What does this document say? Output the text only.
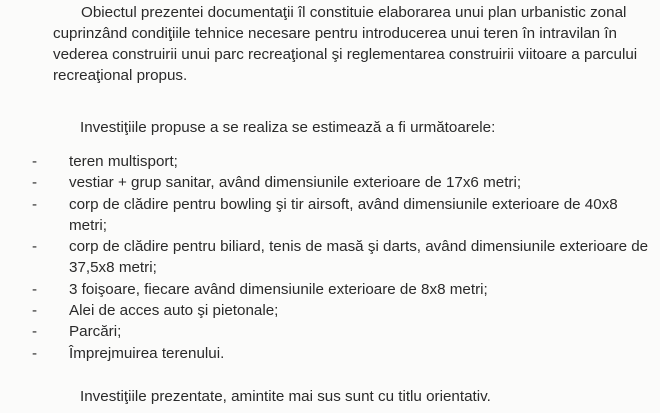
Obiectul prezentei documentaţii îl constituie elaborarea unui plan urbanistic zonal cuprinzând condiţiile tehnice necesare pentru introducerea unui teren în intravilan în vederea construirii unui parc recreaţional şi reglementarea construirii viitoare a parcului recreaţional propus.

Investiţiile propuse a se realiza se estimează a fi următoarele:

- teren multisport;
- vestiar + grup sanitar, având dimensiunile exterioare de 17x6 metri;
- corp de clădire pentru bowling şi tir airsoft, având dimensiunile exterioare de 40x8 metri;
- corp de clădire pentru biliard, tenis de masă şi darts, având dimensiunile exterioare de 37,5x8 metri;
- 3 foişoare, fiecare având dimensiunile exterioare de 8x8 metri;
- Alei de acces auto şi pietonale;
- Parcări;
- Împrejmuirea terenului.

Investiţiile prezentate, amintite mai sus sunt cu titlu orientativ.
